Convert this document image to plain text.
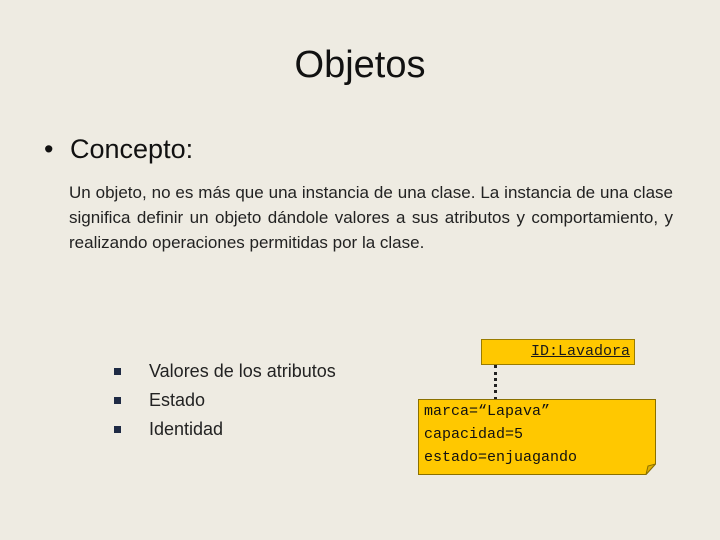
Objetos
• Concepto:
Un objeto, no es más que una instancia de una clase. La instancia de una clase significa definir un objeto dándole valores a sus atributos y comportamiento, y realizando operaciones permitidas por la clase.
Valores de los atributos
Estado
Identidad
ID:Lavadora
marca=“Lapava”
capacidad=5
estado=enjuagando
